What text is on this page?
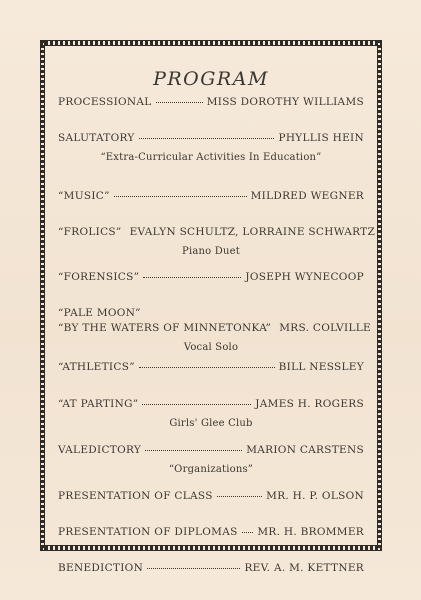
PROGRAM
PROCESSIONAL	MISS DOROTHY WILLIAMS
SALUTATORY	PHYLLIS HEIN
“Extra-Curricular Activities In Education”
“MUSIC”	MILDRED WEGNER
“FROLICS” EVALYN SCHULTZ, LORRAINE SCHWARTZ
Piano Duet
“FORENSICS”	JOSEPH WYNECOOP
“PALE MOON”
“BY THE WATERS OF MINNETONKA” MRS. COLVILLE
Vocal Solo
“ATHLETICS”	BILL NESSLEY
“AT PARTING”	JAMES H. ROGERS
Girls' Glee Club
VALEDICTORY	MARION CARSTENS
“Organizations”
PRESENTATION OF CLASS	MR. H. P. OLSON
PRESENTATION OF DIPLOMAS MR. H. BROMMER
BENEDICTION	REV. A. M. KETTNER
